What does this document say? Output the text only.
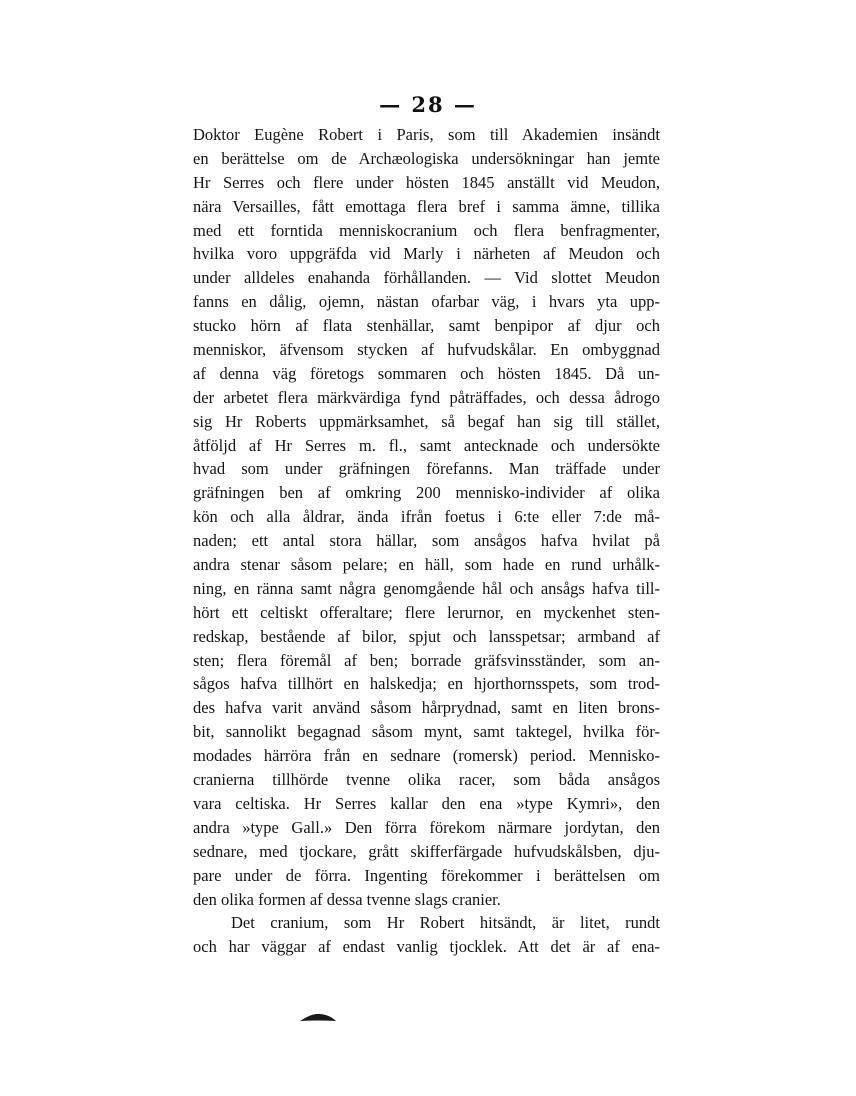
— 28 —
Doktor Eugène Robert i Paris, som till Akademien insändt
en berättelse om de Archæologiska undersökningar han jemte
Hr Serres och flere under hösten 1845 anställt vid Meudon,
nära Versailles, fått emottaga flera bref i samma ämne, tillika
med ett forntida menniskocranium och flera benfragmenter,
hvilka voro uppgräfda vid Marly i närheten af Meudon och
under alldeles enahanda förhållanden. — Vid slottet Meudon
fanns en dålig, ojemn, nästan ofarbar väg, i hvars yta upp-
stucko hörn af flata stenhällar, samt benpipor af djur och
menniskor, äfvensom stycken af hufvudskålar. En ombyggnad
af denna väg företogs sommaren och hösten 1845. Då un-
der arbetet flera märkvärdiga fynd påträffades, och dessa ådrogo
sig Hr Roberts uppmärksamhet, så begaf han sig till stället,
åtföljd af Hr Serres m. fl., samt antecknade och undersökte
hvad som under gräfningen förefanns. Man träffade under
gräfningen ben af omkring 200 mennisko-individer af olika
kön och alla åldrar, ända ifrån foetus i 6:te eller 7:de må-
naden; ett antal stora hällar, som ansågos hafva hvilat på
andra stenar såsom pelare; en häll, som hade en rund urhålk-
ning, en ränna samt några genomgående hål och ansågs hafva till-
hört ett celtiskt offeraltare; flere lerurnor, en myckenhet sten-
redskap, bestående af bilor, spjut och lansspetsar; armband af
sten; flera föremål af ben; borrade gräfsvinsständer, som an-
sågos hafva tillhört en halskedja; en hjorthornsspets, som trod-
des hafva varit använd såsom hårprydnad, samt en liten brons-
bit, sannolikt begagnad såsom mynt, samt taktegel, hvilka för-
modades härröra från en sednare (romersk) period. Mennisko-
cranierna tillhörde tvenne olika racer, som båda ansågos
vara celtiska. Hr Serres kallar den ena »type Kymri», den
andra »type Gall.» Den förra förekom närmare jordytan, den
sednare, med tjockare, grått skifferfärgade hufvudskålsben, dju-
pare under de förra. Ingenting förekommer i berättelsen om
den olika formen af dessa tvenne slags cranier.
Det cranium, som Hr Robert hitsändt, är litet, rundt
och har väggar af endast vanlig tjocklek. Att det är af ena-
